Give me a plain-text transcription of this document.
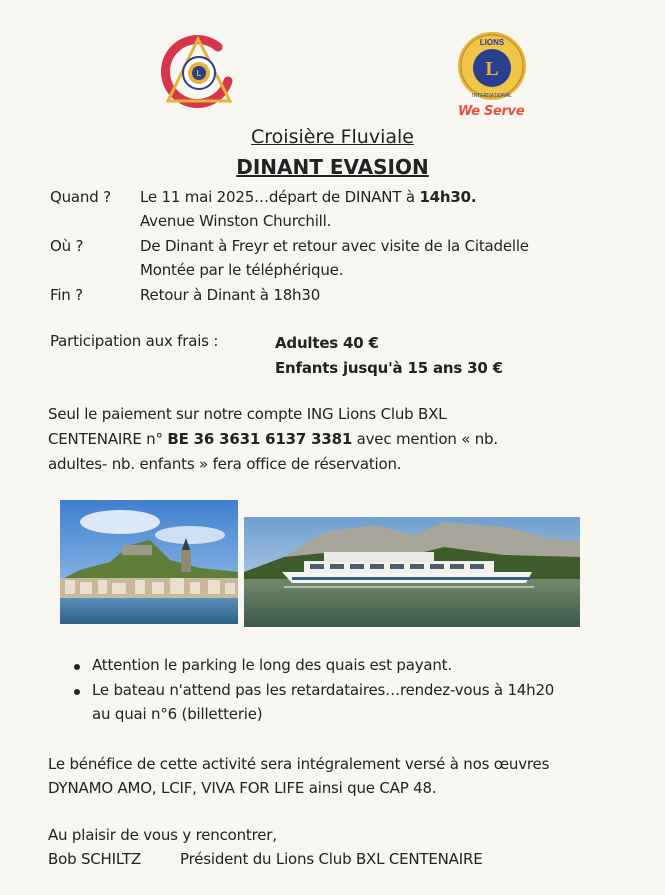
L	L
LIONS
INTERNATIONAL
We Serve
Croisière Fluviale
DINANT EVASION
Quand ? Le 11 mai 2025…départ de DINANT à 14h30.
Avenue Winston Churchill.
Où ?	De Dinant à Freyr et retour avec visite de la Citadelle
Montée par le téléphérique.
Fin ?	Retour à Dinant à 18h30
Participation aux frais :	Adultes 40 €
Enfants jusqu'à 15 ans 30 €
Seul le paiement sur notre compte ING Lions Club BXL
CENTENAIRE n° BE 36 3631 6137 3381 avec mention « nb.
adultes- nb. enfants » fera office de réservation.
Attention le parking le long des quais est payant.
Le bateau n'attend pas les retardataires…rendez-vous à 14h20
au quai n°6 (billetterie)
Le bénéfice de cette activité sera intégralement versé à nos œuvres
DYNAMO AMO, LCIF, VIVA FOR LIFE ainsi que CAP 48.
Au plaisir de vous y rencontrer,
Bob SCHILTZ	Président du Lions Club BXL CENTENAIRE
